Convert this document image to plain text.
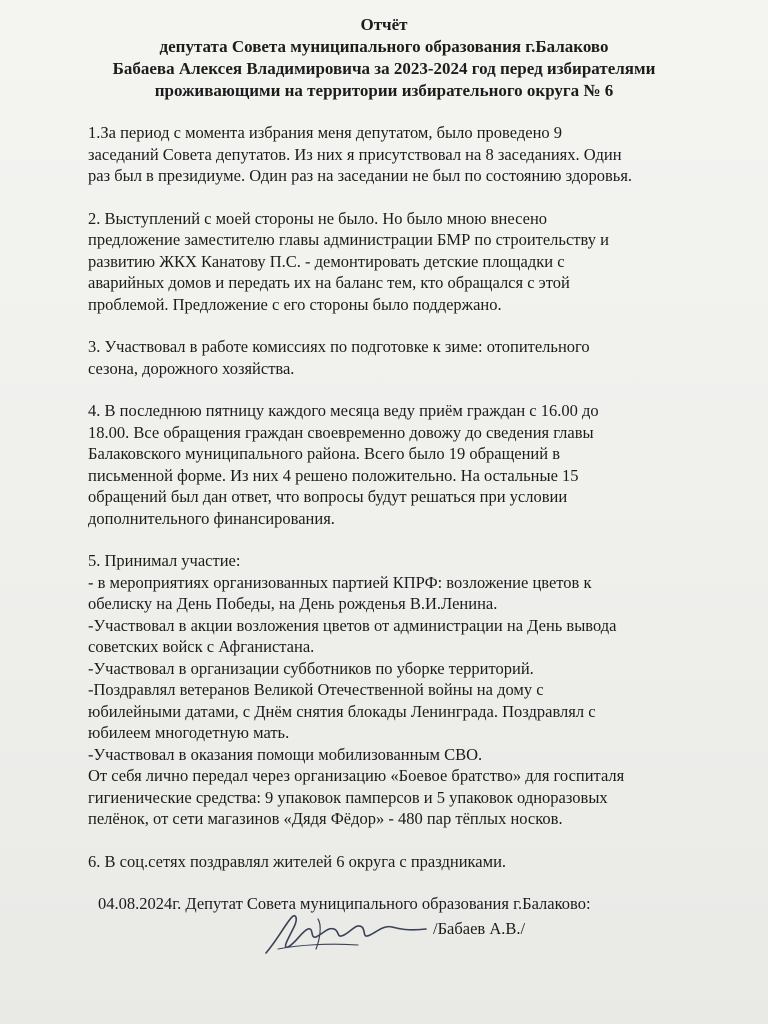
Отчёт
депутата Совета муниципального образования г.Балаково
Бабаева Алексея Владимировича за 2023-2024 год перед избирателями
проживающими на территории избирательного округа № 6
1.За период с момента избрания меня депутатом, было проведено 9
заседаний Совета депутатов. Из них я присутствовал на 8 заседаниях. Один
раз был в президиуме. Один раз на заседании не был по состоянию здоровья.
2. Выступлений с моей стороны не было. Но было мною внесено
предложение заместителю главы администрации БМР по строительству и
развитию ЖКХ Канатову П.С. - демонтировать детские площадки с
аварийных домов и передать их на баланс тем, кто обращался с этой
проблемой. Предложение с его стороны было поддержано.
3. Участвовал в работе комиссиях по подготовке к зиме: отопительного
сезона, дорожного хозяйства.
4. В последнюю пятницу каждого месяца веду приём граждан с 16.00 до
18.00. Все обращения граждан своевременно довожу до сведения главы
Балаковского муниципального района. Всего было 19 обращений в
письменной форме. Из них 4 решено положительно. На остальные 15
обращений был дан ответ, что вопросы будут решаться при условии
дополнительного финансирования.
5. Принимал участие:
- в мероприятиях организованных партией КПРФ: возложение цветов к
обелиску на День Победы, на День рожденья В.И.Ленина.
-Участвовал в акции возложения цветов от администрации на День вывода
советских войск с Афганистана.
-Участвовал в организации субботников по уборке территорий.
-Поздравлял ветеранов Великой Отечественной войны на дому с
юбилейными датами, с Днём снятия блокады Ленинграда. Поздравлял с
юбилеем многодетную мать.
-Участвовал в оказания помощи мобилизованным СВО.
От себя лично передал через организацию «Боевое братство» для госпиталя
гигиенические средства: 9 упаковок памперсов и 5 упаковок одноразовых
пелёнок, от сети магазинов «Дядя Фёдор» - 480 пар тёплых носков.
6. В соц.сетях поздравлял жителей 6 округа с праздниками.
04.08.2024г. Депутат Совета муниципального образования г.Балаково:
/Бабаев А.В./
